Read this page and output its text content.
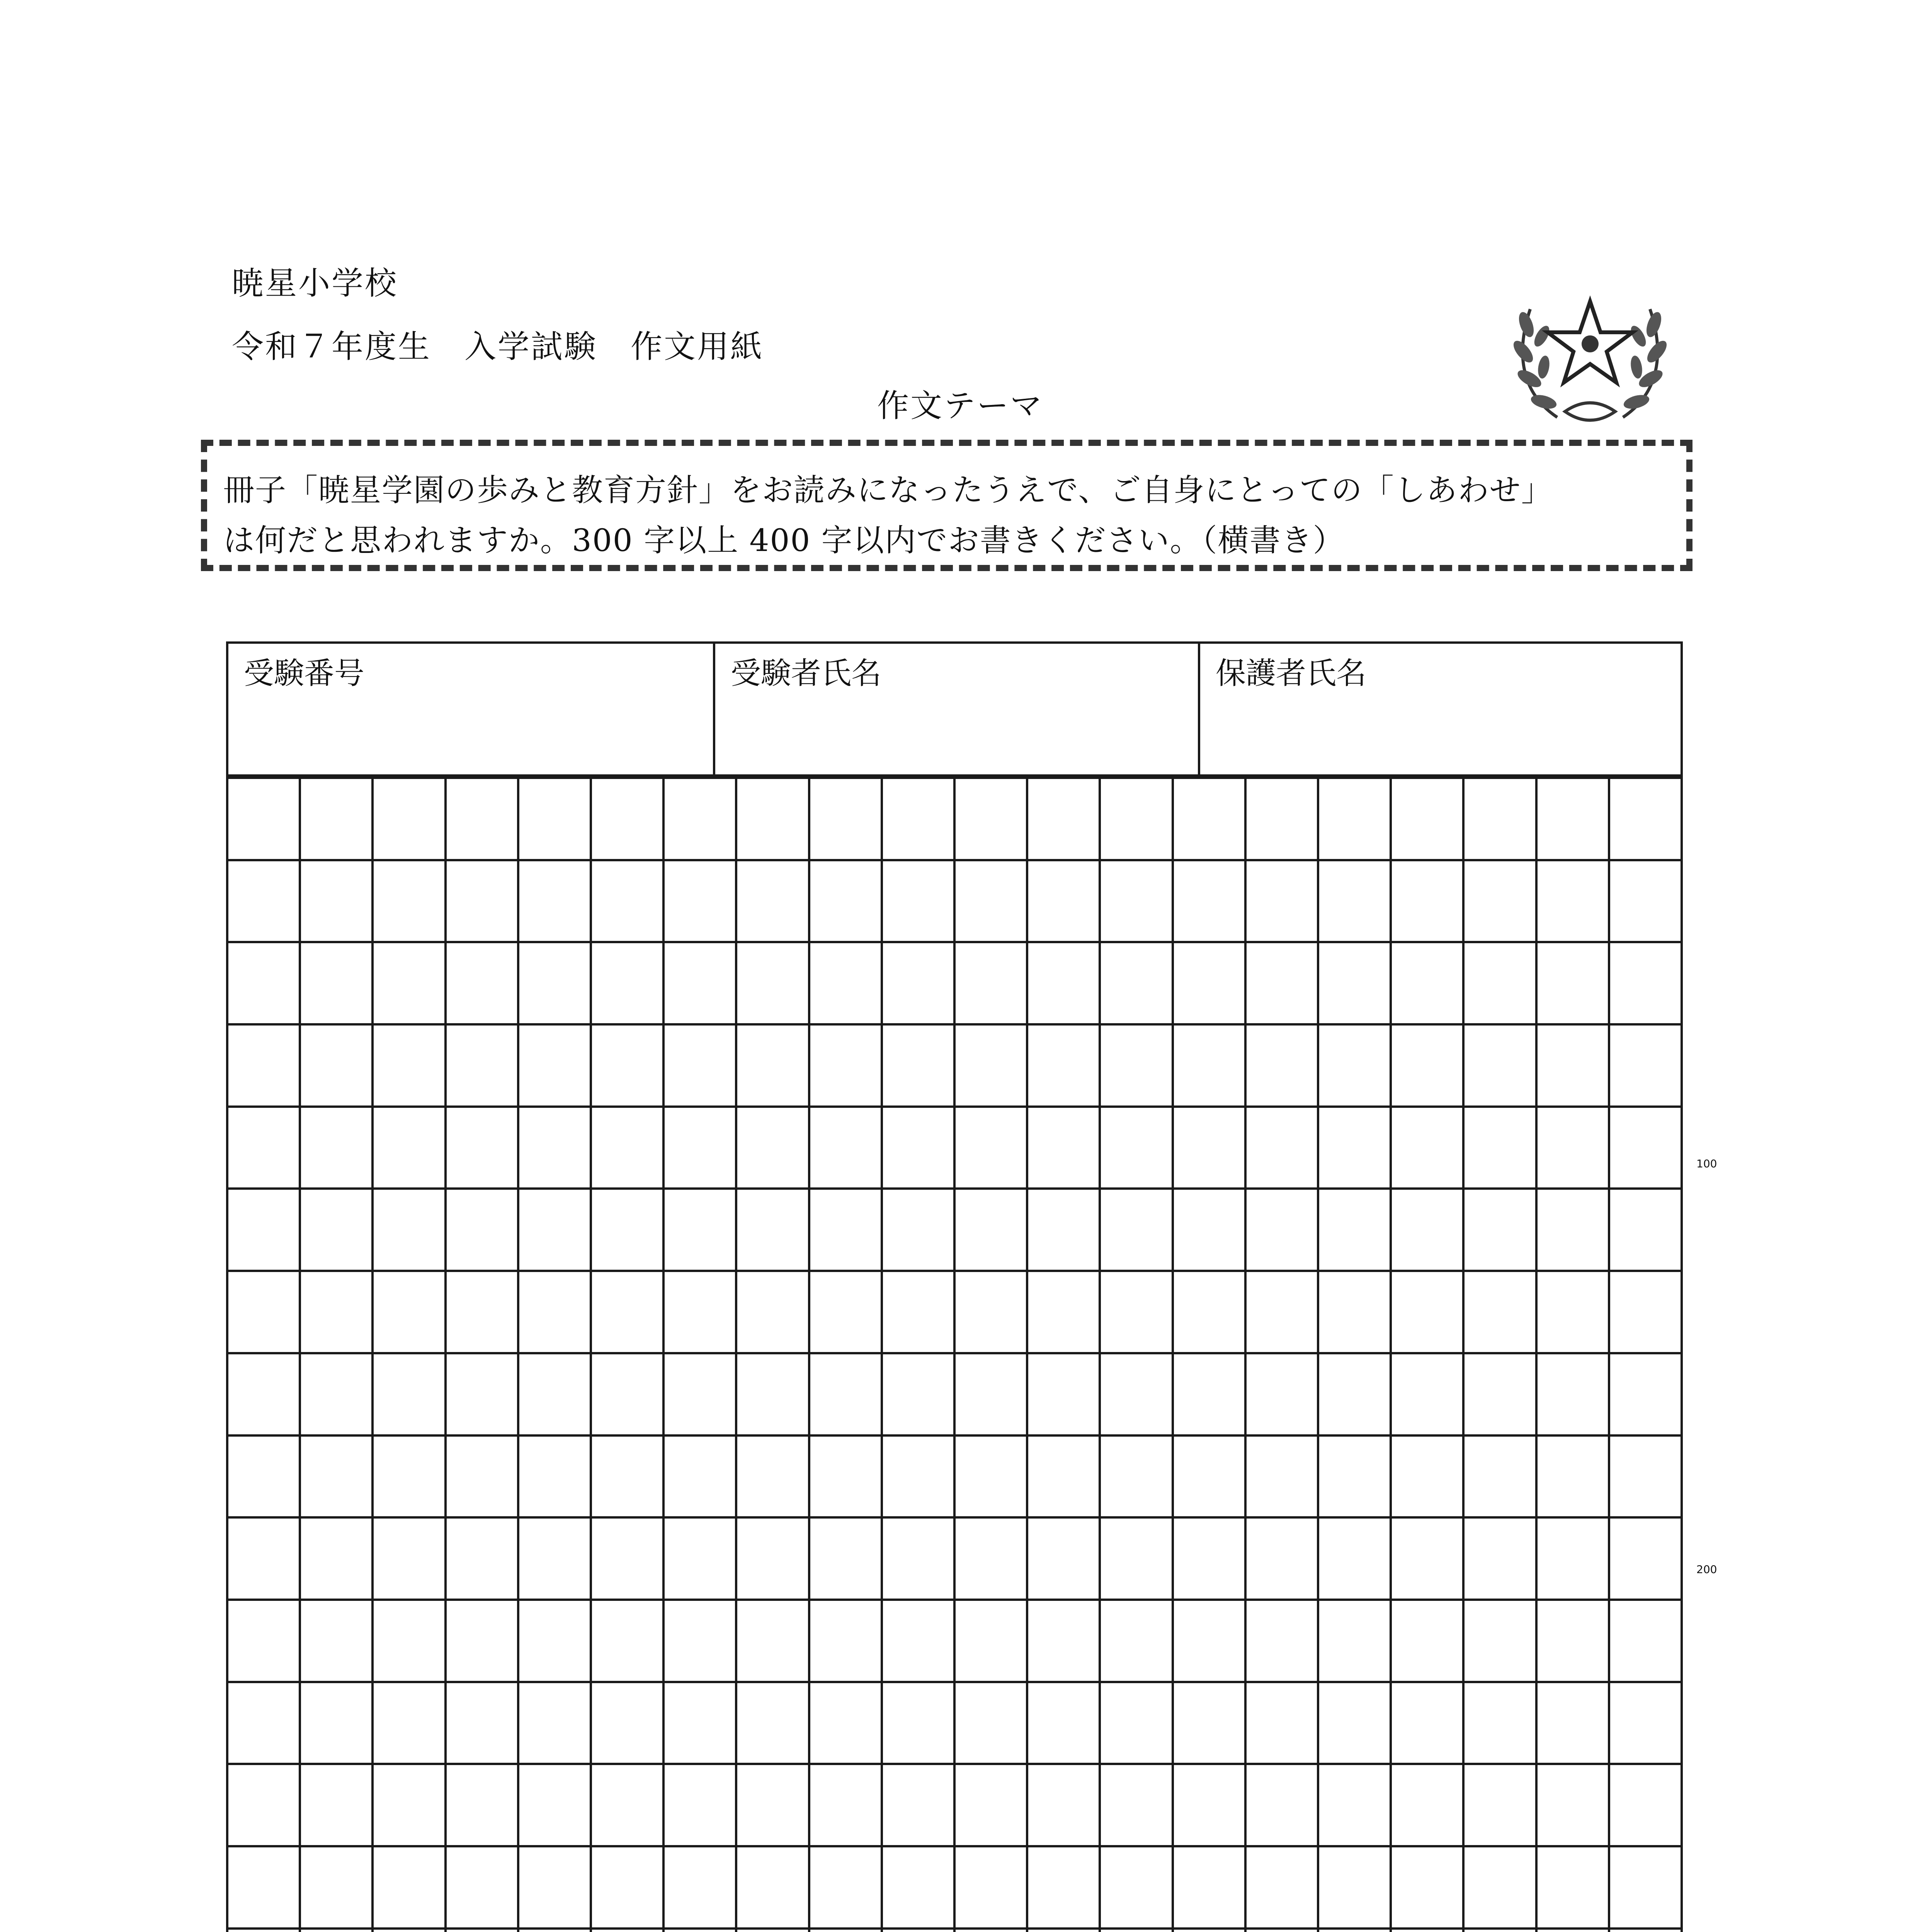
暁星小学校
令和７年度生　入学試験　作文用紙
作文テーマ
冊子「暁星学園の歩みと教育方針」をお読みになったうえで、ご自身にとっての「しあわせ」
は何だと思われますか。300 字以上 400 字以内でお書きください。（横書き）
受験番号	受験者氏名	保護者氏名
100
200
